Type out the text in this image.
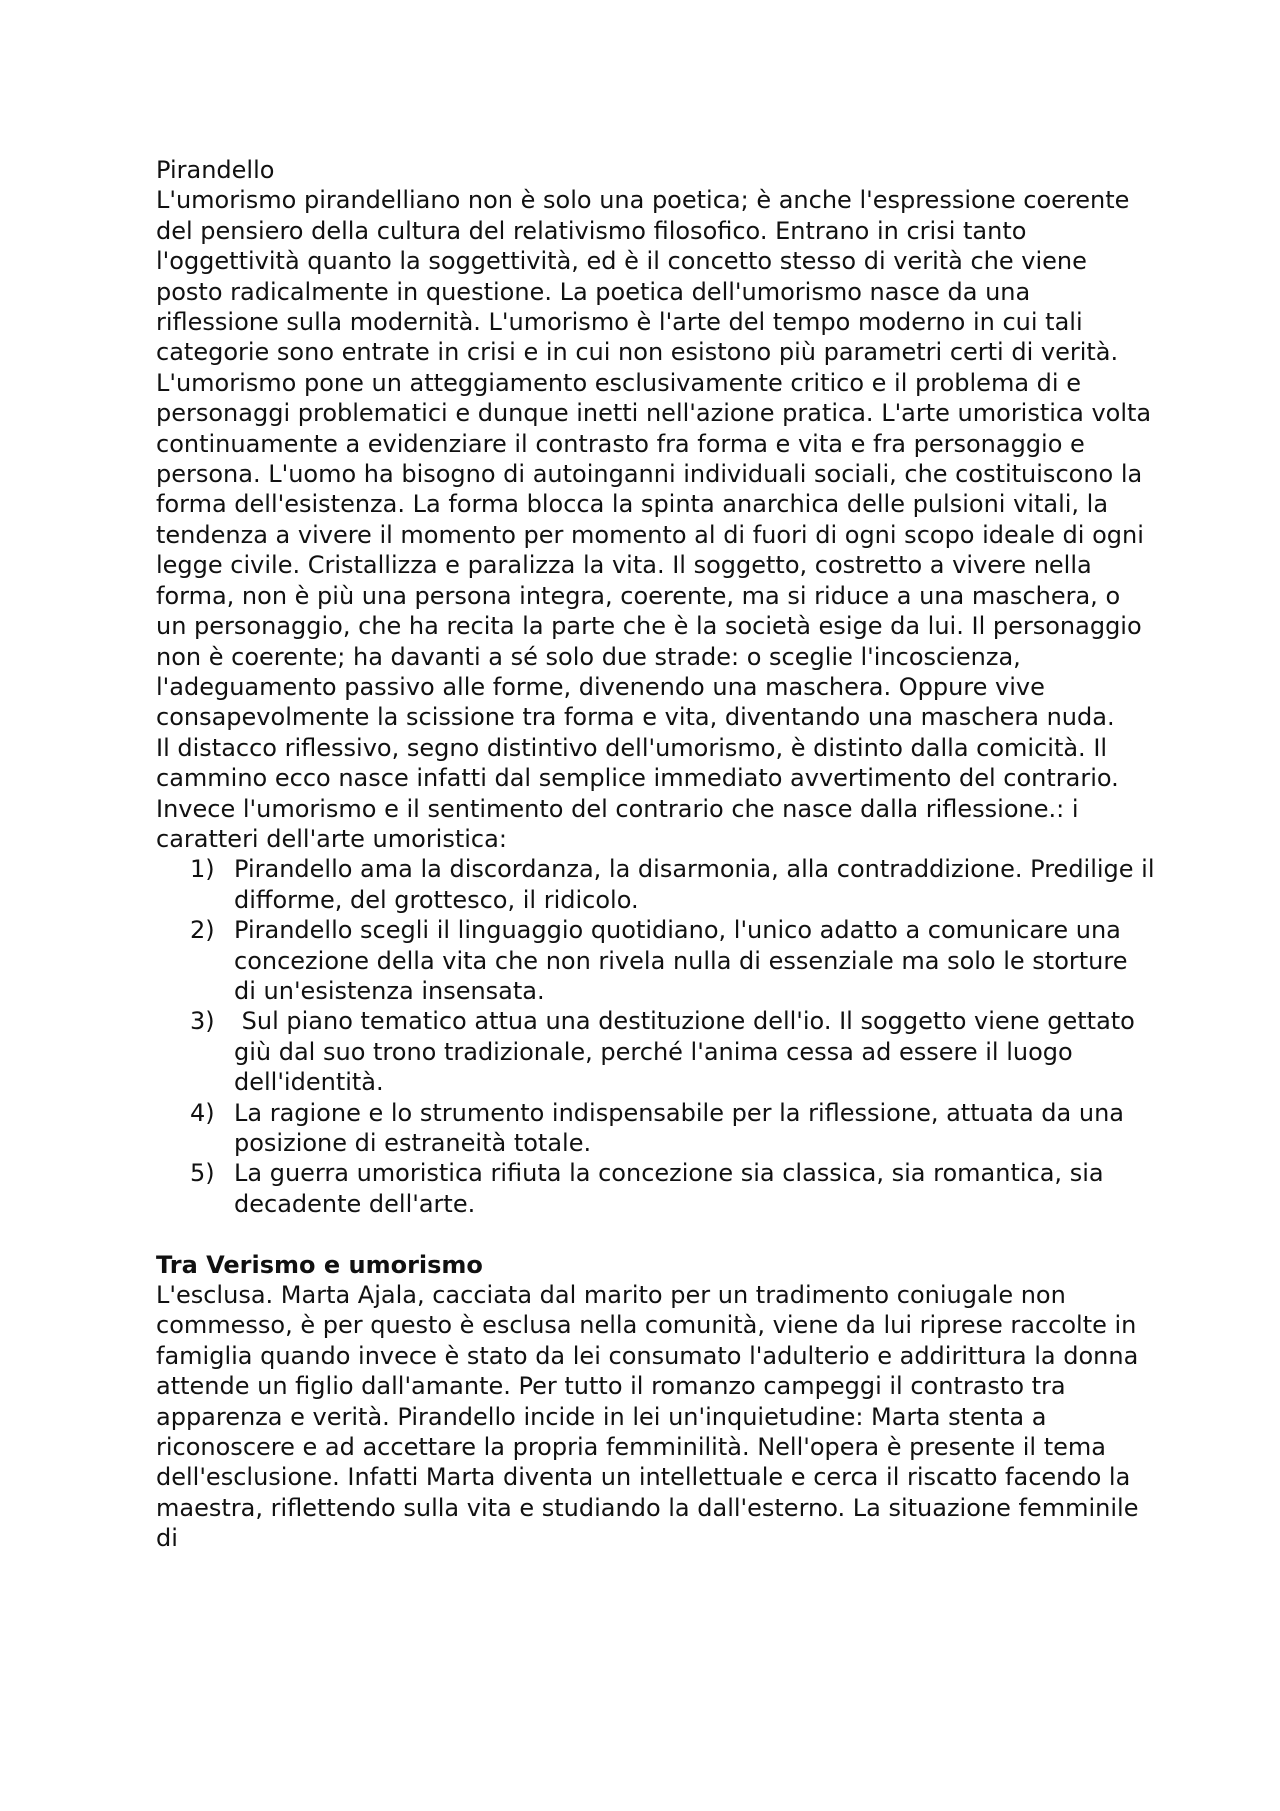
Pirandello

L'umorismo pirandelliano non è solo una poetica; è anche l'espressione coerente del pensiero della cultura del relativismo filosofico. Entrano in crisi tanto l'oggettività quanto la soggettività, ed è il concetto stesso di verità che viene posto radicalmente in questione. La poetica dell'umorismo nasce da una riflessione sulla modernità. L'umorismo è l'arte del tempo moderno in cui tali categorie sono entrate in crisi e in cui non esistono più parametri certi di verità. L'umorismo pone un atteggiamento esclusivamente critico e il problema di e personaggi problematici e dunque inetti nell'azione pratica. L'arte umoristica volta continuamente a evidenziare il contrasto fra forma e vita e fra personaggio e persona. L'uomo ha bisogno di autoinganni individuali sociali, che costituiscono la forma dell'esistenza. La forma blocca la spinta anarchica delle pulsioni vitali, la tendenza a vivere il momento per momento al di fuori di ogni scopo ideale di ogni legge civile. Cristallizza e paralizza la vita. Il soggetto, costretto a vivere nella forma, non è più una persona integra, coerente, ma si riduce a una maschera, o un personaggio, che ha recita la parte che è la società esige da lui. Il personaggio non è coerente; ha davanti a sé solo due strade: o sceglie l'incoscienza, l'adeguamento passivo alle forme, divenendo una maschera. Oppure vive consapevolmente la scissione tra forma e vita, diventando una maschera nuda.

Il distacco riflessivo, segno distintivo dell'umorismo, è distinto dalla comicità. Il cammino ecco nasce infatti dal semplice immediato avvertimento del contrario. Invece l'umorismo e il sentimento del contrario che nasce dalla riflessione.: i caratteri dell'arte umoristica:

1) Pirandello ama la discordanza, la disarmonia, alla contraddizione. Predilige il difforme, del grottesco, il ridicolo.
2) Pirandello scegli il linguaggio quotidiano, l'unico adatto a comunicare una concezione della vita che non rivela nulla di essenziale ma solo le storture di un'esistenza insensata.
3) Sul piano tematico attua una destituzione dell'io. Il soggetto viene gettato giù dal suo trono tradizionale, perché l'anima cessa ad essere il luogo dell'identità.
4) La ragione e lo strumento indispensabile per la riflessione, attuata da una posizione di estraneità totale.
5) La guerra umoristica rifiuta la concezione sia classica, sia romantica, sia decadente dell'arte.

Tra Verismo e umorismo

L'esclusa. Marta Ajala, cacciata dal marito per un tradimento coniugale non commesso, è per questo è esclusa nella comunità, viene da lui riprese raccolte in famiglia quando invece è stato da lei consumato l'adulterio e addirittura la donna attende un figlio dall'amante. Per tutto il romanzo campeggi il contrasto tra apparenza e verità. Pirandello incide in lei un'inquietudine: Marta stenta a riconoscere e ad accettare la propria femminilità. Nell'opera è presente il tema dell'esclusione. Infatti Marta diventa un intellettuale e cerca il riscatto facendo la maestra, riflettendo sulla vita e studiando la dall'esterno. La situazione femminile di
